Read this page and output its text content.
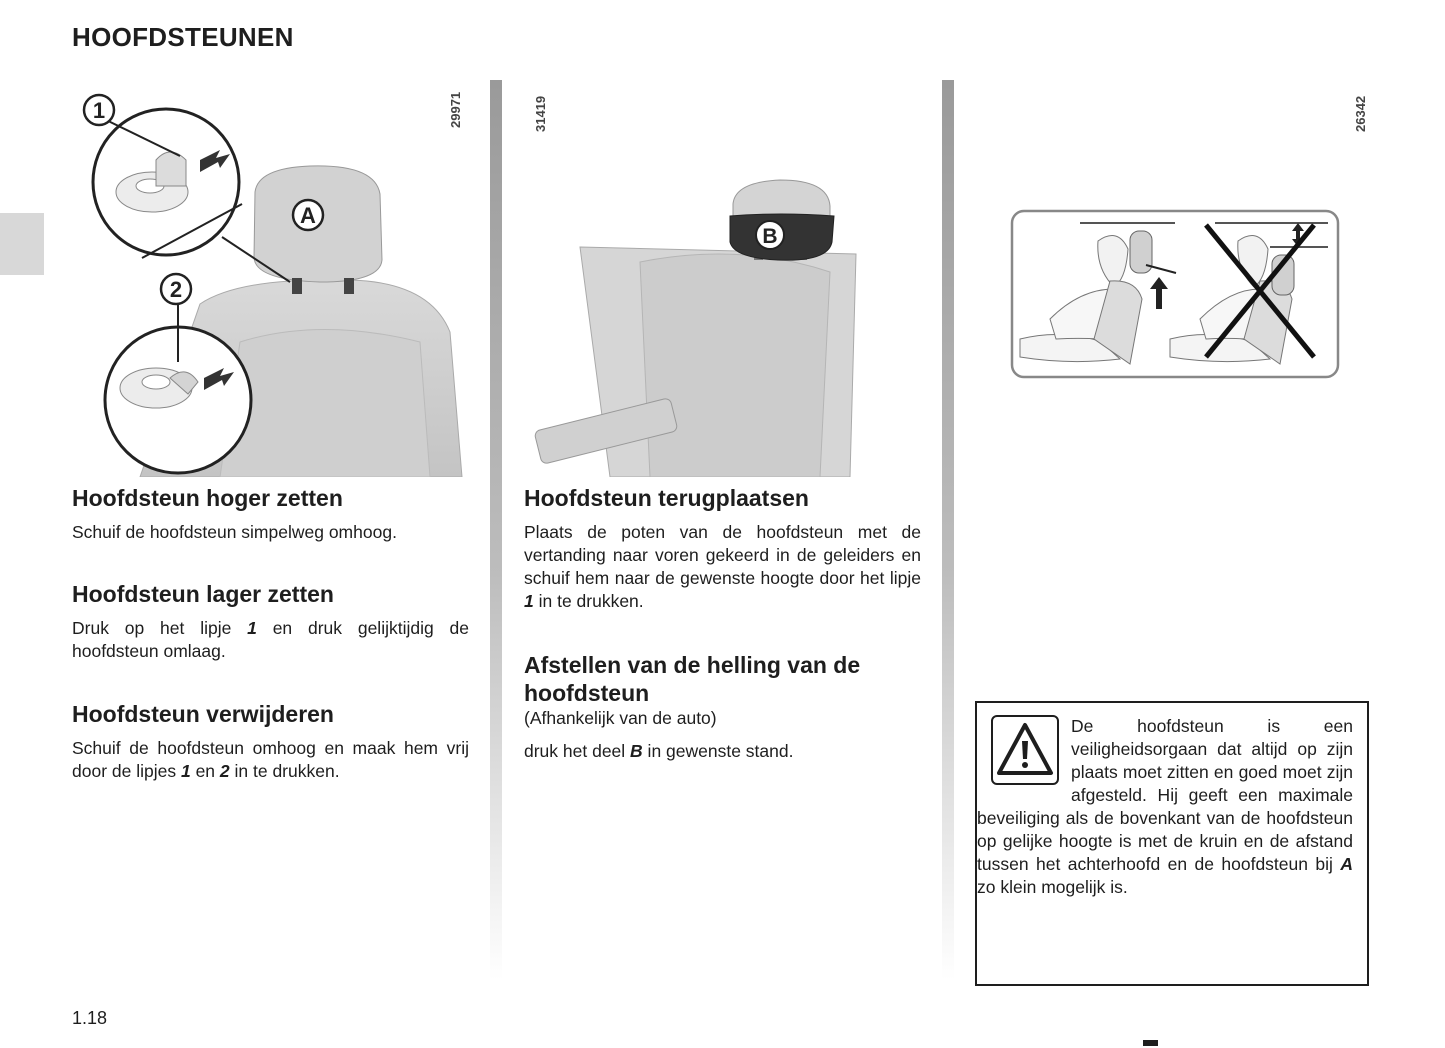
HOOFDSTEUNEN
1
2
A
29971
B
31419	26342
Hoofdsteun hoger zetten

Schuif de hoofdsteun simpelweg omhoog.

Hoofdsteun lager zetten

Druk op het lipje 1 en druk gelijktijdig de hoofdsteun omlaag.

Hoofdsteun verwijderen

Schuif de hoofdsteun omhoog en maak hem vrij door de lipjes 1 en 2 in te drukken.

Hoofdsteun terugplaatsen

Plaats de poten van de hoofdsteun met de vertanding naar voren gekeerd in de geleiders en schuif hem naar de gewenste hoogte door het lipje 1 in te drukken.

Afstellen van de helling van de hoofdsteun
(Afhankelijk van de auto)

druk het deel B in gewenste stand.

De hoofdsteun is een veiligheidsorgaan dat altijd op zijn plaats moet zitten en goed moet zijn afgesteld. Hij geeft een maximale beveiliging als de bovenkant van de hoofdsteun op gelijke hoogte is met de kruin en de afstand tussen het achterhoofd en de hoofdsteun bij A zo klein mogelijk is.
1.18
